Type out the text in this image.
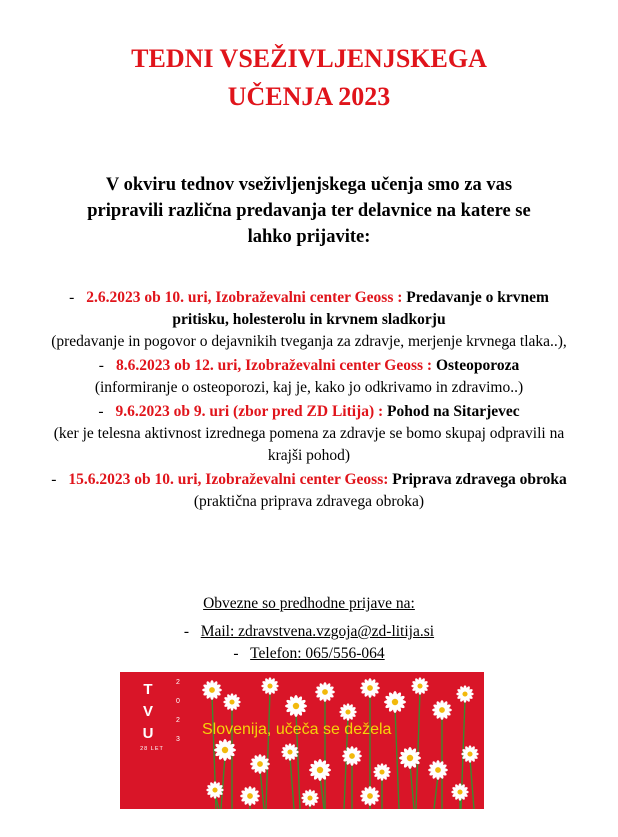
TEDNI VSEŽIVLJENJSKEGA
UČENJA 2023
V okviru tednov vseživljenjskega učenja smo za vas
pripravili različna predavanja ter delavnice na katere se
lahko prijavite:
- 2.6.2023 ob 10. uri, Izobraževalni center Geoss : Predavanje o krvnem pritisku, holesterolu in krvnem sladkorju
(predavanje in pogovor o dejavnikih tveganja za zdravje, merjenje krvnega tlaka..),
- 8.6.2023 ob 12. uri, Izobraževalni center Geoss : Osteoporoza
(informiranje o osteoporozi, kaj je, kako jo odkrivamo in zdravimo..)
- 9.6.2023 ob 9. uri (zbor pred ZD Litija) : Pohod na Sitarjevec
(ker je telesna aktivnost izrednega pomena za zdravje se bomo skupaj odpravili na krajši pohod)
- 15.6.2023 ob 10. uri, Izobraževalni center Geoss: Priprava zdravega obroka (praktična priprava zdravega obroka)
Obvezne so predhodne prijave na:
- Mail: zdravstvena.vzgoja@zd-litija.si
- Telefon: 065/556-064
T
V
U
2
0
2
3
28 LET
Slovenija, učeča se dežela
